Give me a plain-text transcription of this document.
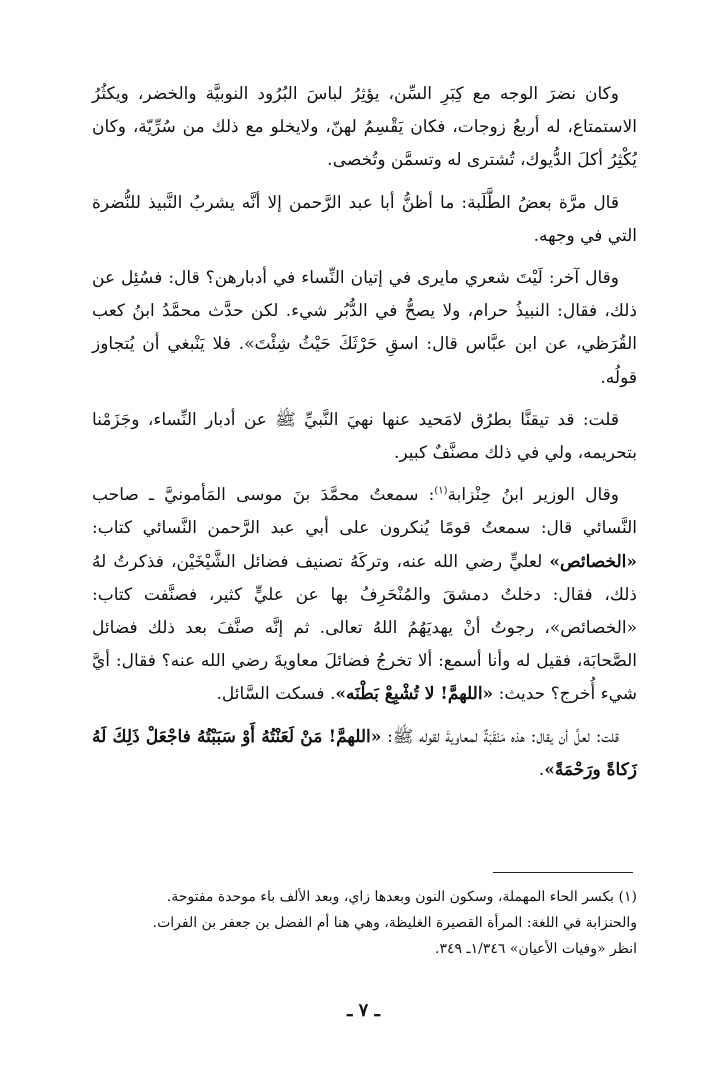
وكان نضرَ الوجه مع كِبَرِ السِّن، يؤثِرُ لباسَ البُرُود النوبيَّة والخضر، ويكثُرُ الاستمتاع، له أربعُ زوجات، فكان يَقْسِمُ لهنّ، ولايخلو مع ذلك من سُرِّيّة، وكان يُكْثِرُ أكلَ الدُّيوك، تُشترى له وتسمَّن وتُخصى.

قال مرَّة بعضُ الطَّلَبة: ما أظنُّ أبا عبد الرَّحمن إلا أنَّه يشربُ النَّبيذ للنُّضرة التي في وجهه.

وقال آخر: لَيْتَ شعري مايرى في إتيان النِّساء في أدبارهن؟ قال: فسُئِل عن ذلك، فقال: النبيذُ حرام، ولا يصحُّ في الدُّبُر شيء. لكن حدَّث محمَّدُ ابنُ كعب القُرَظي، عن ابن عبَّاس قال: اسقِ حَرْثَكَ حَيْثُ شِئْتَ». فلا يَنْبغي أن يُتجاوز قولُه.

قلت: قد تيقنَّا بطرُق لامَحيد عنها نهيَ النَّبيِّ ﷺ عن أدبار النِّساء، وجَزَمْنا بتحريمه، ولي في ذلك مصنَّفٌ كبير.

وقال الوزير ابنُ حِنْزابة$^{(١)}$: سمعتُ محمَّدَ بنَ موسى المَأمونيَّ ـ صاحب النَّسائي قال: سمعتُ قومًا يُنكرون على أبي عبد الرَّحمن النَّسائي كتاب: «الخصائص» لعليٍّ رضي الله عنه، وتركَهُ تصنيف فضائل الشَّيْخَيْن، فذكرتُ لهُ ذلك، فقال: دخلتُ دمشقَ والمُنْحَرِفُ بها عن عليٍّ كثير، فصنَّفت كتاب: «الخصائص»، رجوتُ أنْ يهديَهُمُ اللهُ تعالى. ثم إنَّه صنَّفَ بعد ذلك فضائل الصَّحابَة، فقيل له وأنا أسمع: ألا تخرجُ فضائلَ معاويةَ رضي الله عنه؟ فقال: أيَّ شيء أُخرج؟ حديث: «اللهمَّ! لا تُشْبِعْ بَطْنَه». فسكت السَّائل.

قلت: لعلَّ أن يقال: هذه مَنْقَبَةٌ لمعاويةَ لقوله ﷺ: «اللهمَّ! مَنْ لَعَنْتُهُ أَوْ سَبَبْتُهُ فاجْعَلْ ذَلِكَ لَهُ زَكاةً ورَحْمَةً».

(١) بكسر الحاء المهملة، وسكون النون وبعدها زاي، وبعد الألف باء موحدة مفتوحة.

والحنزابة في اللغة: المرأة القصيرة الغليظة، وهي هنا أم الفضل بن جعفر بن الفرات.

انظر «وفيات الأعيان» ١/٣٤٦ـ ٣٤٩.

ـ ٧ ـ
